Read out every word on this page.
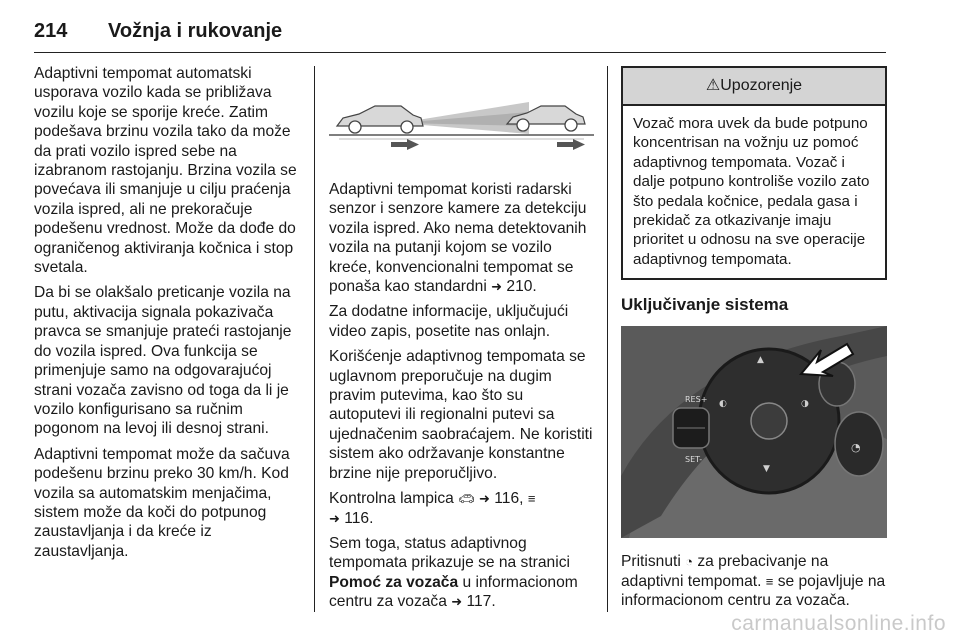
214 Vožnja i rukovanje

Adaptivni tempomat automatski usporava vozilo kada se približava vozilu koje se sporije kreće. Zatim podešava brzinu vozila tako da može da prati vozilo ispred sebe na izabranom rastojanju. Brzina vozila se povećava ili smanjuje u cilju praćenja vozila ispred, ali ne prekoračuje podešenu vrednost. Može da dođe do ograničenog aktiviranja kočnica i stop svetala.

Da bi se olakšalo preticanje vozila na putu, aktivacija signala pokazivača pravca se smanjuje prateći rastojanje do vozila ispred. Ova funkcija se primenjuje samo na odgovarajućoj strani vozača zavisno od toga da li je vozilo konfigurisano sa ručnim pogonom na levoj ili desnoj strani.

Adaptivni tempomat može da sačuva podešenu brzinu preko 30 km/h. Kod vozila sa automatskim menjačima, sistem može da koči do potpunog zaustavljanja i da kreće iz zaustavljanja.

Adaptivni tempomat koristi radarski senzor i senzore kamere za detekciju vozila ispred. Ako nema detektovanih vozila na putanji kojom se vozilo kreće, konvencionalni tempomat se ponaša kao standardni ➜ 210.

Za dodatne informacije, uključujući video zapis, posetite nas onlajn.

Korišćenje adaptivnog tempomata se uglavnom preporučuje na dugim pravim putevima, kao što su autoputevi ili regionalni putevi sa ujednačenim saobraćajem. Ne koristiti sistem ako održavanje konstantne brzine nije preporučljivo.

Kontrolna lampica 🚗︎ ➜ 116, ≡
➜ 116.

Sem toga, status adaptivnog tempomata prikazuje se na stranici Pomoć za vozača u informacionom centru za vozača ➜ 117.

⚠︎Upozorenje
Vozač mora uvek da bude potpuno koncentrisan na vožnju uz pomoć adaptivnog tempomata. Vozač i dalje potpuno kontroliše vozilo zato što pedala kočnice, pedala gasa i prekidač za otkazivanje imaju prioritet u odnosu na sve operacije adaptivnog tempomata.
Uključivanje sistema
▲
◐	◑
▼
RES+
SET-
◔

Pritisnuti ◔ za prebacivanje na adaptivni tempomat. ≡ se pojavljuje na informacionom centru za vozača.

carmanualsonline.info
